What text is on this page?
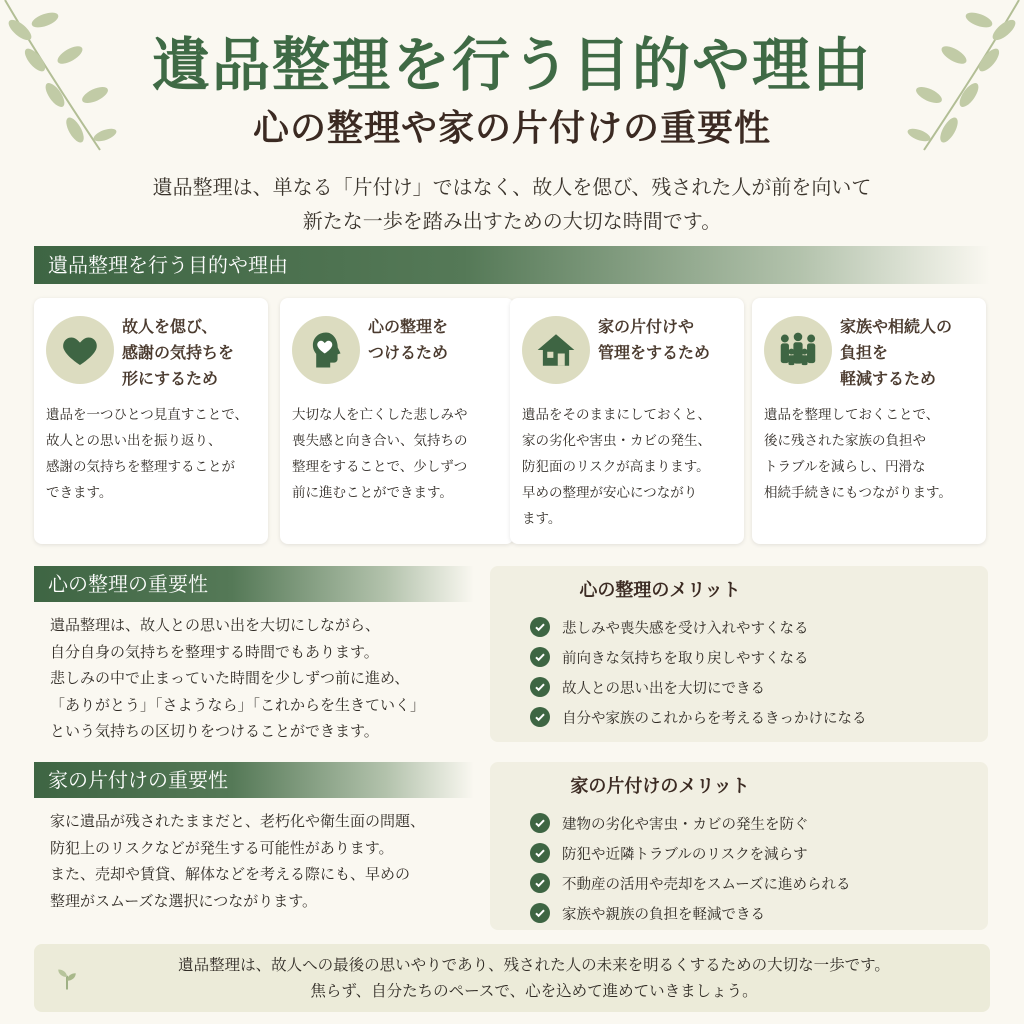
遺品整理を行う目的や理由
心の整理や家の片付けの重要性
遺品整理は、単なる「片付け」ではなく、故人を偲び、残された人が前を向いて
新たな一歩を踏み出すための大切な時間です。
遺品整理を行う目的や理由
故人を偲び、
感謝の気持ちを
形にするため
遺品を一つひとつ見直すことで、
故人との思い出を振り返り、
感謝の気持ちを整理することが
できます。
心の整理を
つけるため
大切な人を亡くした悲しみや
喪失感と向き合い、気持ちの
整理をすることで、少しずつ
前に進むことができます。
家の片付けや
管理をするため
遺品をそのままにしておくと、
家の劣化や害虫・カビの発生、
防犯面のリスクが高まります。
早めの整理が安心につながり
ます。
家族や相続人の
負担を
軽減するため
遺品を整理しておくことで、
後に残された家族の負担や
トラブルを減らし、円滑な
相続手続きにもつながります。
心の整理の重要性
遺品整理は、故人との思い出を大切にしながら、
自分自身の気持ちを整理する時間でもあります。
悲しみの中で止まっていた時間を少しずつ前に進め、
「ありがとう」「さようなら」「これからを生きていく」
という気持ちの区切りをつけることができます。
心の整理のメリット
悲しみや喪失感を受け入れやすくなる
前向きな気持ちを取り戻しやすくなる
故人との思い出を大切にできる
自分や家族のこれからを考えるきっかけになる
家の片付けの重要性
家に遺品が残されたままだと、老朽化や衛生面の問題、
防犯上のリスクなどが発生する可能性があります。
また、売却や賃貸、解体などを考える際にも、早めの
整理がスムーズな選択につながります。
家の片付けのメリット
建物の劣化や害虫・カビの発生を防ぐ
防犯や近隣トラブルのリスクを減らす
不動産の活用や売却をスムーズに進められる
家族や親族の負担を軽減できる
遺品整理は、故人への最後の思いやりであり、残された人の未来を明るくするための大切な一歩です。
焦らず、自分たちのペースで、心を込めて進めていきましょう。
